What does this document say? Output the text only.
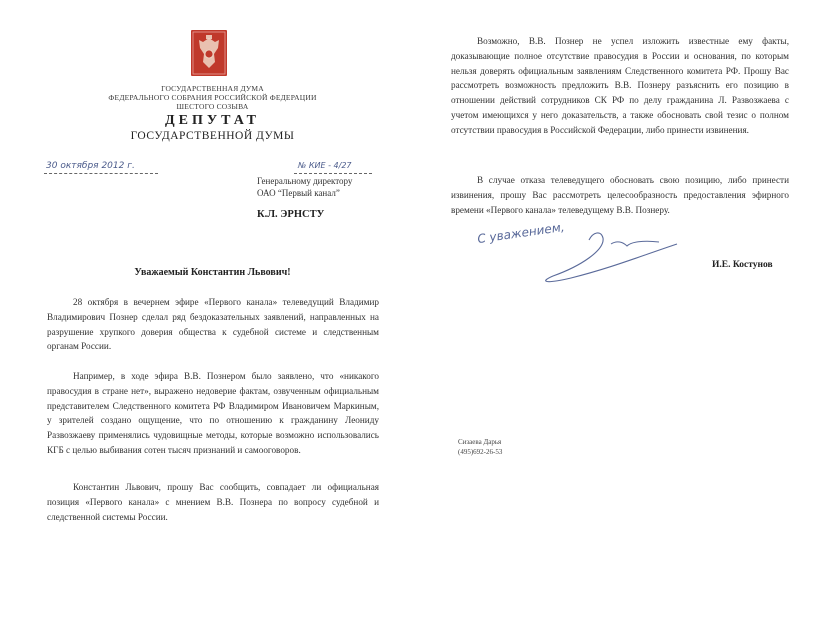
ГОСУДАРСТВЕННАЯ ДУМА
ФЕДЕРАЛЬНОГО СОБРАНИЯ РОССИЙСКОЙ ФЕДЕРАЦИИ
ШЕСТОГО СОЗЫВА
ДЕПУТАТ
ГОСУДАРСТВЕННОЙ ДУМЫ
30 октября 2012 г.	№ КИЕ - 4/27
Генеральному директору
ОАО “Первый канал”
К.Л. ЭРНСТУ
Уважаемый Константин Львович!
28 октября в вечернем эфире «Первого канала» телеведущий Владимир Владимирович Познер сделал ряд бездоказательных заявлений, направленных на разрушение хрупкого доверия общества к судебной системе и следственным органам России.
Например, в ходе эфира В.В. Познером было заявлено, что «никакого правосудия в стране нет», выражено недоверие фактам, озвученным официальным представителем Следственного комитета РФ Владимиром Ивановичем Маркиным, у зрителей создано ощущение, что по отношению к гражданину Леониду Развозжаеву применялись чудовищные методы, которые возможно использовались КГБ с целью выбивания сотен тысяч признаний и самооговоров.
Константин Львович, прошу Вас сообщить, совпадает ли официальная позиция «Первого канала» с мнением В.В. Познера по вопросу судебной и следственной системы России.
Возможно, В.В. Познер не успел изложить известные ему факты, доказывающие полное отсутствие правосудия в России и основания, по которым нельзя доверять официальным заявлениям Следственного комитета РФ. Прошу Вас рассмотреть возможность предложить В.В. Познеру разъяснить его позицию в отношении действий сотрудников СК РФ по делу гражданина Л. Развозжаева с учетом имеющихся у него доказательств, а также обосновать свой тезис о полном отсутствии правосудия в Российской Федерации, либо принести извинения.
В случае отказа телеведущего обосновать свою позицию, либо принести извинения, прошу Вас рассмотреть целесообразность предоставления эфирного времени «Первого канала» телеведущему В.В. Познеру.
С уважением,
И.Е. Костунов
Сизаева Дарья
(495)692-26-53
